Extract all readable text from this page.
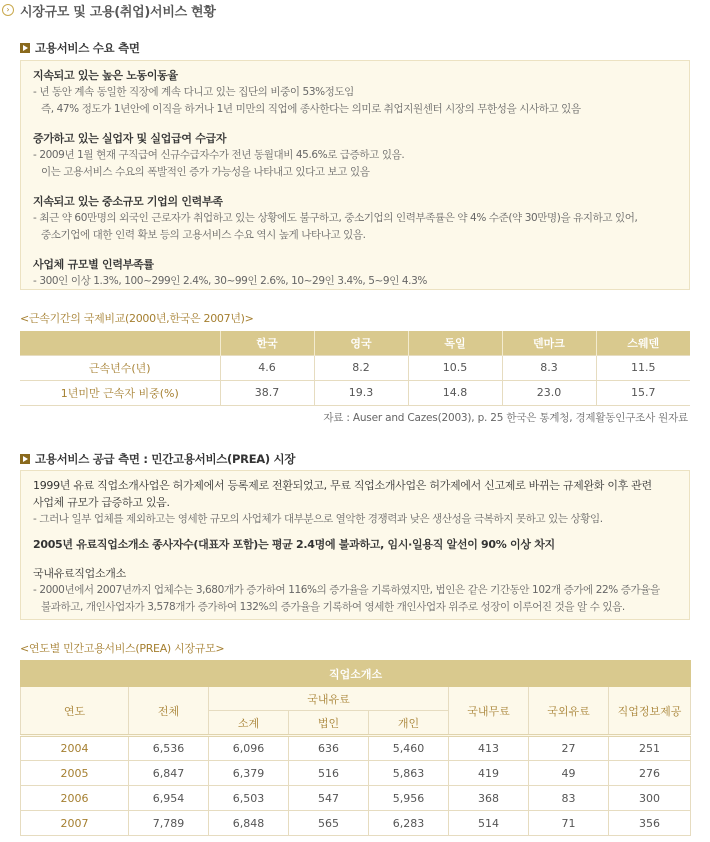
› 시장규모 및 고용(취업)서비스 현황
고용서비스 수요 측면
지속되고 있는 높은 노동이동율
- 년 동안 계속 동일한 직장에 계속 다니고 있는 집단의 비중이 53%정도임
즉, 47% 정도가 1년안에 이직을 하거나 1년 미만의 직업에 종사한다는 의미로 취업지원센터 시장의 무한성을 시사하고 있음
증가하고 있는 실업자 및 실업급여 수급자
- 2009년 1월 현재 구직급여 신규수급자수가 전년 동월대비 45.6%로 급증하고 있음.
이는 고용서비스 수요의 폭발적인 증가 가능성을 나타내고 있다고 보고 있음
지속되고 있는 중소규모 기업의 인력부족
- 최근 약 60만명의 외국인 근로자가 취업하고 있는 상황에도 불구하고, 중소기업의 인력부족률은 약 4% 수준(약 30만명)을 유지하고 있어,
중소기업에 대한 인력 확보 등의 고용서비스 수요 역시 높게 나타나고 있음.
사업체 규모별 인력부족률
- 300인 이상 1.3%, 100~299인 2.4%, 30~99인 2.6%, 10~29인 3.4%, 5~9인 4.3%
<근속기간의 국제비교(2000년,한국은 2007년)>
	한국	영국	독일	덴마크	스웨덴
근속년수(년)	4.6	8.2	10.5	8.3	11.5
1년미만 근속자 비중(%)	38.7	19.3	14.8	23.0	15.7
자료 : Auser and Cazes(2003), p. 25 한국은 통계청, 경제활동인구조사 원자료
고용서비스 공급 측면 : 민간고용서비스(PREA) 시장
1999년 유료 직업소개사업은 허가제에서 등록제로 전환되었고, 무료 직업소개사업은 허가제에서 신고제로 바뀌는 규제완화 이후 관련
사업체 규모가 급증하고 있음.
- 그러나 일부 업체를 제외하고는 영세한 규모의 사업체가 대부분으로 열악한 경쟁력과 낮은 생산성을 극복하지 못하고 있는 상황임.
2005년 유료직업소개소 종사자수(대표자 포함)는 평균 2.4명에 불과하고, 임시·일용직 알선이 90% 이상 차지
국내유료직업소개소
- 2000년에서 2007년까지 업체수는 3,680개가 증가하여 116%의 증가율을 기록하였지만, 법인은 같은 기간동안 102개 증가에 22% 증가율을
불과하고, 개인사업자가 3,578개가 증가하여 132%의 증가율을 기록하여 영세한 개인사업자 위주로 성장이 이루어진 것을 알 수 있음.
<연도별 민간고용서비스(PREA) 시장규모>
직업소개소							
연도	전체	국내유료			국내무료	국외유료	직업정보제공
		소계	법인	개인			
2004	6,536	6,096	636	5,460	413	27	251
2005	6,847	6,379	516	5,863	419	49	276
2006	6,954	6,503	547	5,956	368	83	300
2007	7,789	6,848	565	6,283	514	71	356
